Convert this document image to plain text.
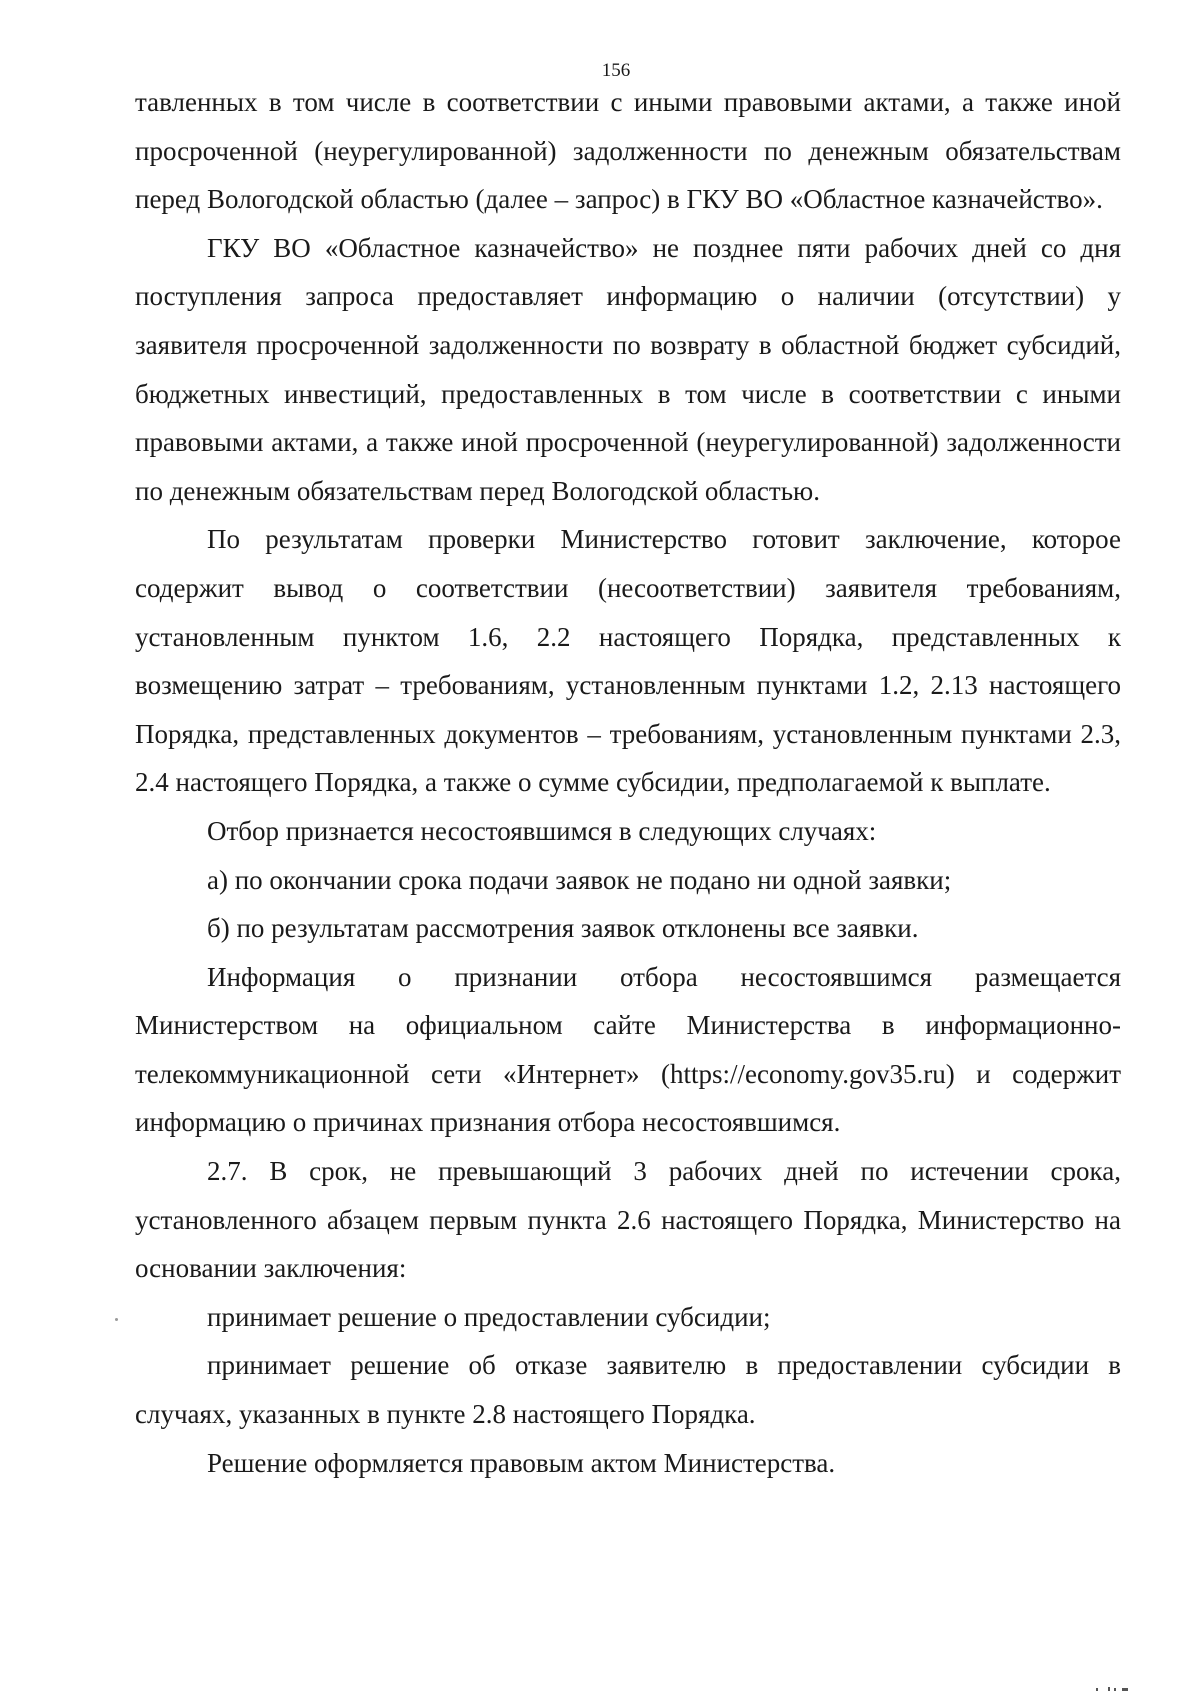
156

тавленных в том числе в соответствии с иными правовыми актами, а также иной просроченной (неурегулированной) задолженности по денежным обязательствам перед Вологодской областью (далее – запрос) в ГКУ ВО «Областное казначейство».

ГКУ ВО «Областное казначейство» не позднее пяти рабочих дней со дня поступления запроса предоставляет информацию о наличии (отсутствии) у заявителя просроченной задолженности по возврату в областной бюджет субсидий, бюджетных инвестиций, предоставленных в том числе в соответствии с иными правовыми актами, а также иной просроченной (неурегулированной) задолженности по денежным обязательствам перед Вологодской областью.

По результатам проверки Министерство готовит заключение, которое содержит вывод о соответствии (несоответствии) заявителя требованиям, установленным пунктом 1.6, 2.2 настоящего Порядка, представленных к возмещению затрат – требованиям, установленным пунктами 1.2, 2.13 настоящего Порядка, представленных документов – требованиям, установленным пунктами 2.3, 2.4 настоящего Порядка, а также о сумме субсидии, предполагаемой к выплате.

Отбор признается несостоявшимся в следующих случаях:

а) по окончании срока подачи заявок не подано ни одной заявки;

б) по результатам рассмотрения заявок отклонены все заявки.

Информация о признании отбора несостоявшимся размещается Министерством на официальном сайте Министерства в информационно-телекоммуникационной сети «Интернет» (https://economy.gov35.ru) и содержит информацию о причинах признания отбора несостоявшимся.

2.7. В срок, не превышающий 3 рабочих дней по истечении срока, установленного абзацем первым пункта 2.6 настоящего Порядка, Министерство на основании заключения:

принимает решение о предоставлении субсидии;

принимает решение об отказе заявителю в предоставлении субсидии в случаях, указанных в пункте 2.8 настоящего Порядка.

Решение оформляется правовым актом Министерства.
